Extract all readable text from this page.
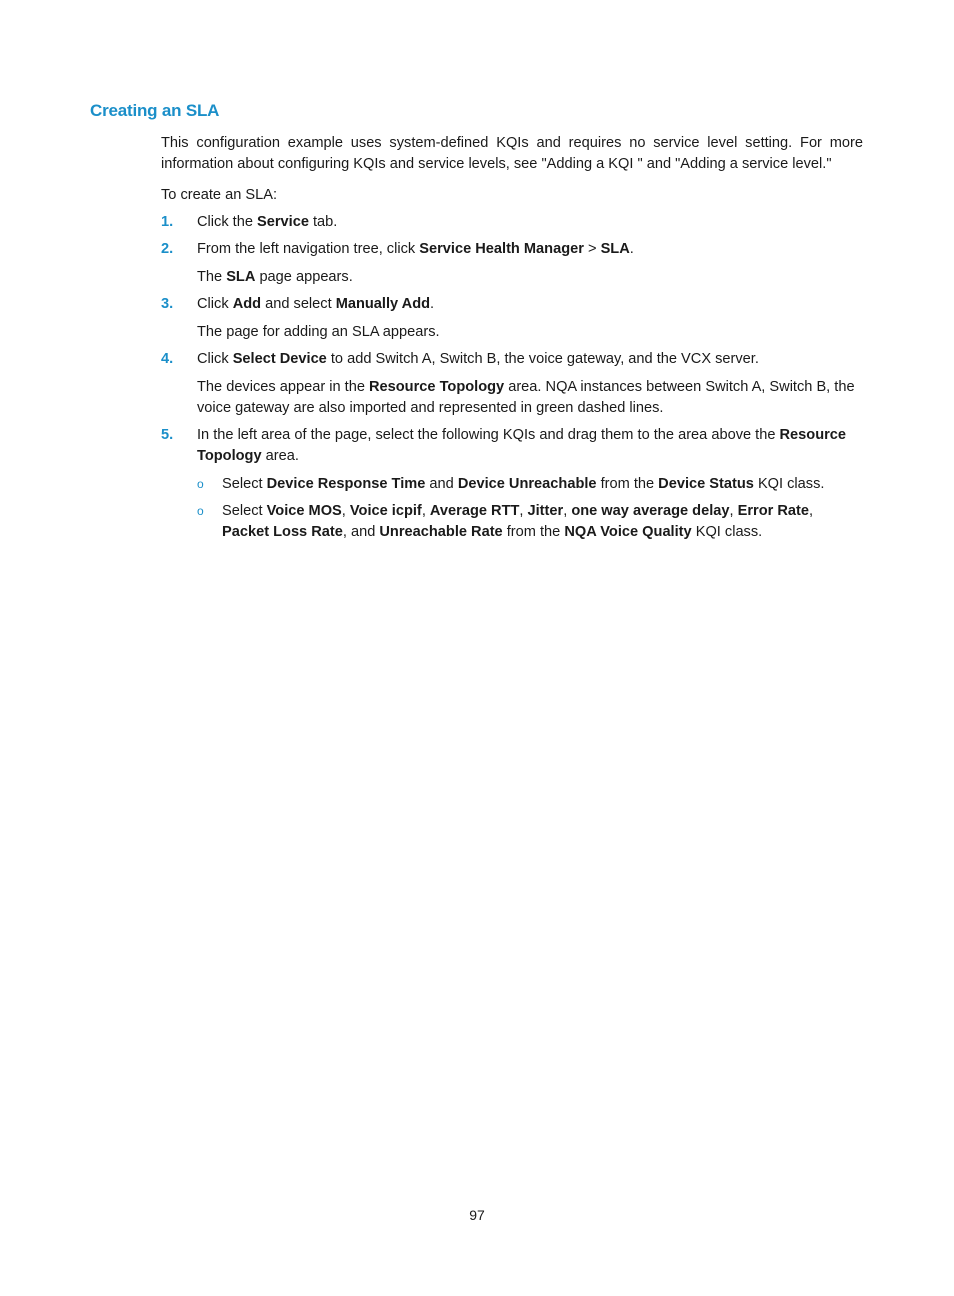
Creating an SLA

This configuration example uses system-defined KQIs and requires no service level setting. For more information about configuring KQIs and service levels, see "Adding a KQI " and "Adding a service level."

To create an SLA:

1. Click the Service tab.
2. From the left navigation tree, click Service Health Manager > SLA.

The SLA page appears.

3. Click Add and select Manually Add.

The page for adding an SLA appears.

4. Click Select Device to add Switch A, Switch B, the voice gateway, and the VCX server.

The devices appear in the Resource Topology area. NQA instances between Switch A, Switch B, the voice gateway are also imported and represented in green dashed lines.

5. In the left area of the page, select the following KQIs and drag them to the area above the Resource Topology area.
o Select Device Response Time and Device Unreachable from the Device Status KQI class.
o Select Voice MOS, Voice icpif, Average RTT, Jitter, one way average delay, Error Rate, Packet Loss Rate, and Unreachable Rate from the NQA Voice Quality KQI class.
97
